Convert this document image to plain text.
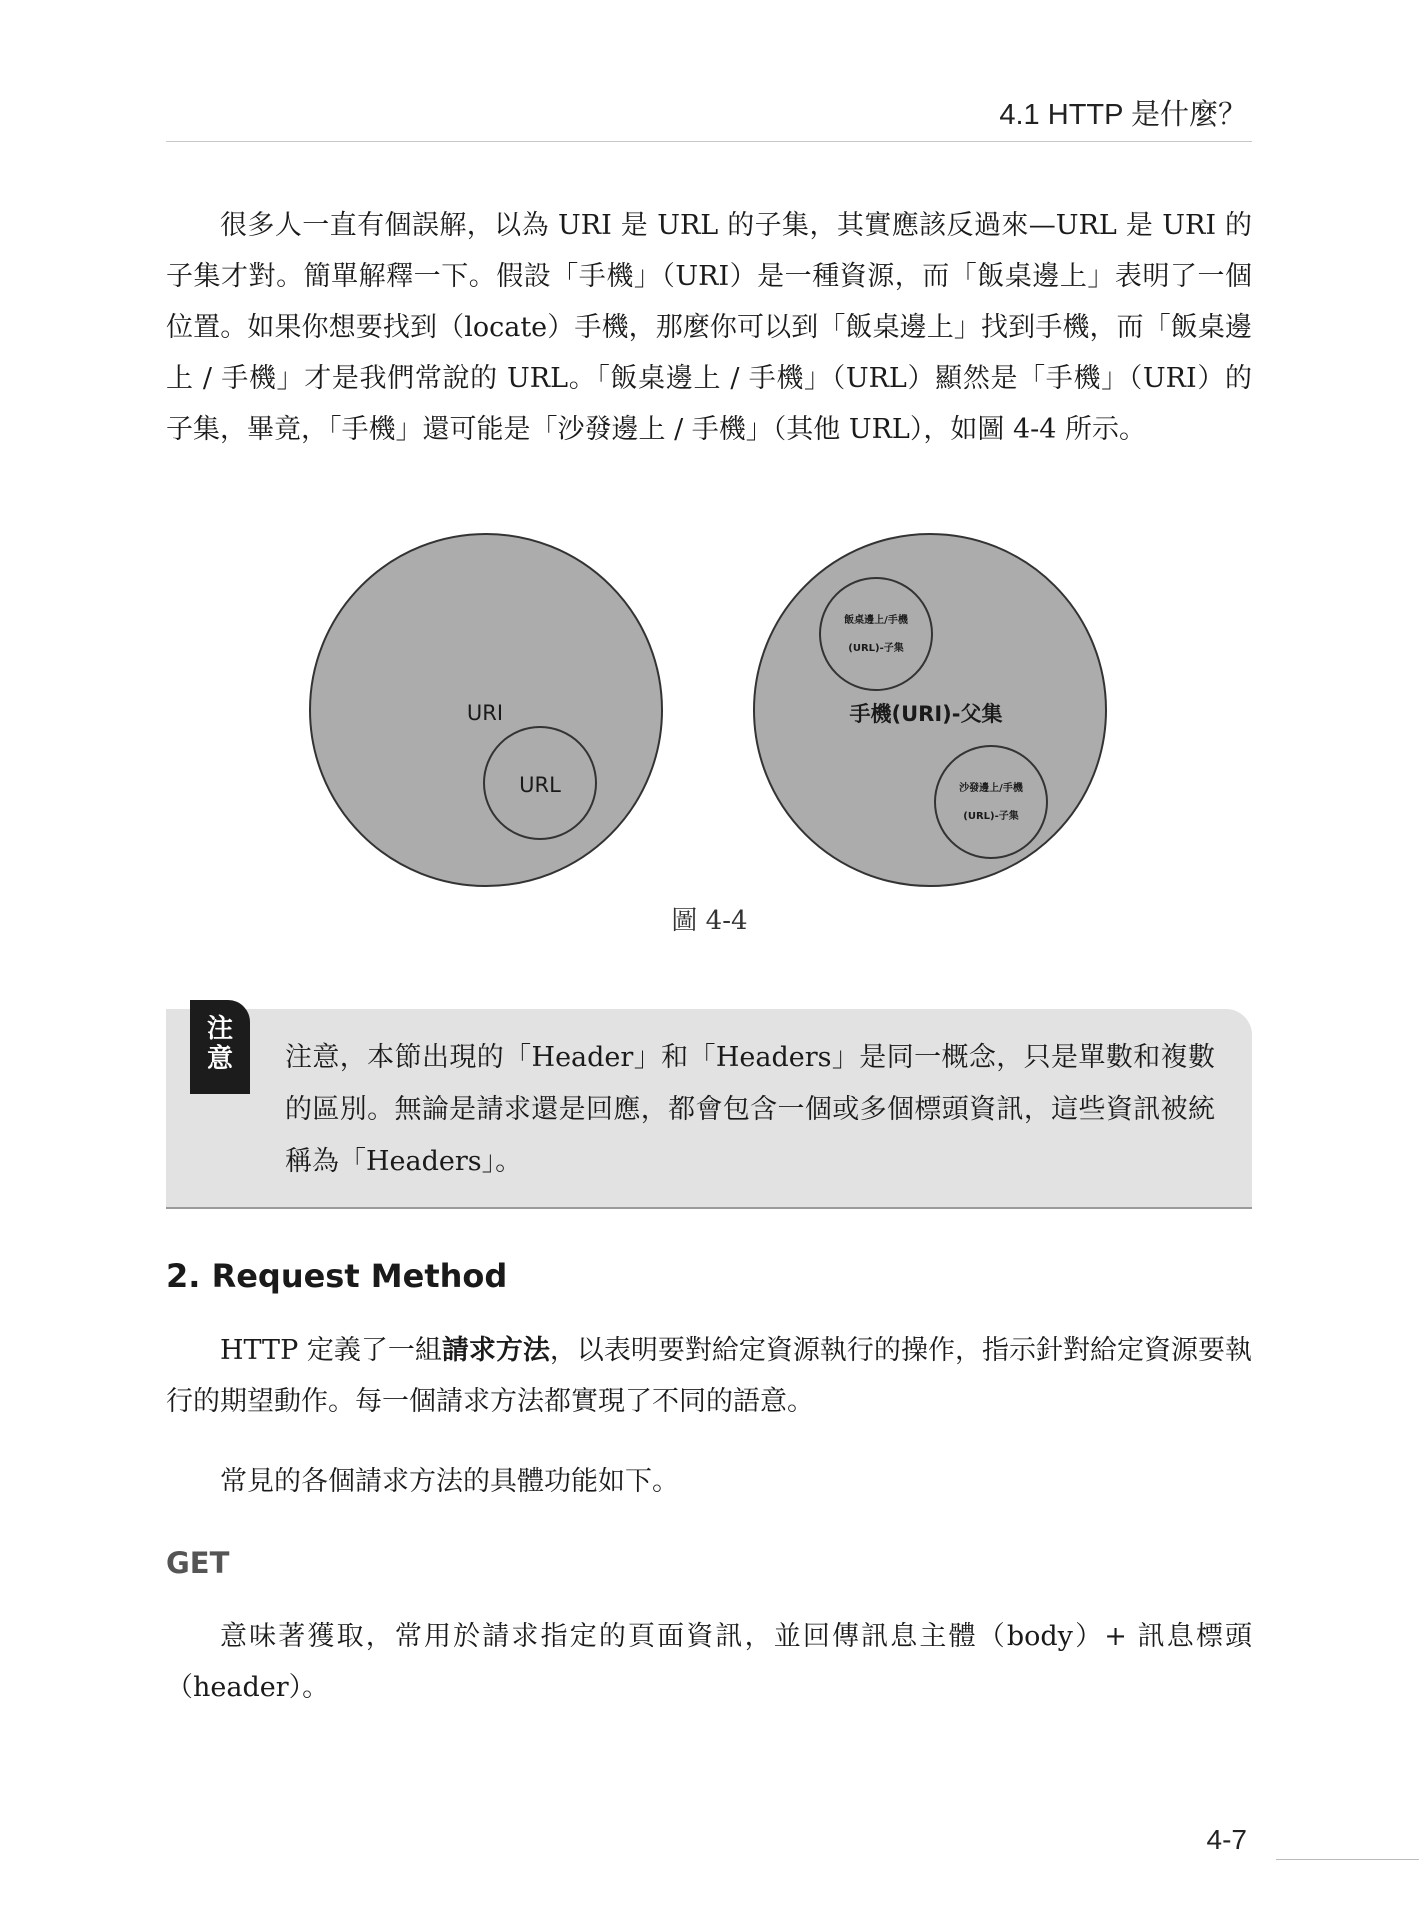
4.1 HTTP 是什麼？

很多人一直有個誤解，以為 URI 是 URL 的子集，其實應該反過來—URL 是 URI 的子集才對。簡單解釋一下。假設「手機」（URI）是一種資源，而「飯桌邊上」表明了一個位置。如果你想要找到（locate）手機，那麼你可以到「飯桌邊上」找到手機，而「飯桌邊上 / 手機」才是我們常說的 URL。「飯桌邊上 / 手機」（URL）顯然是「手機」（URI）的子集，畢竟，「手機」還可能是「沙發邊上 / 手機」（其他 URL），如圖 4-4 所示。

URI
URL
手機(URI)-父集
飯桌邊上/手機
(URL)-子集
沙發邊上/手機
(URL)-子集
圖 4-4
注
意	注意，本節出現的「Header」和「Headers」是同一概念，只是單數和複數的區別。無論是請求還是回應，都會包含一個或多個標頭資訊，這些資訊被統稱為「Headers」。

2. Request Method

HTTP 定義了一組請求方法，以表明要對給定資源執行的操作，指示針對給定資源要執行的期望動作。每一個請求方法都實現了不同的語意。

常見的各個請求方法的具體功能如下。

GET

意味著獲取，常用於請求指定的頁面資訊，並回傳訊息主體（body）+ 訊息標頭（header）。

4-7
